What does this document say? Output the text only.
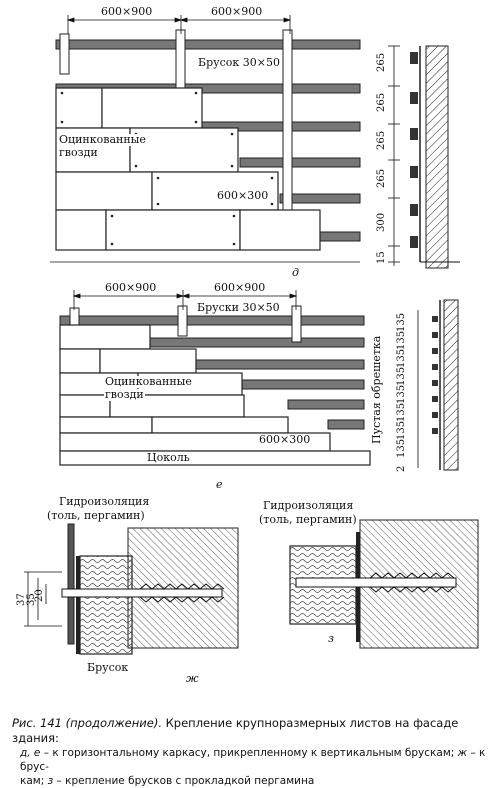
600×900	600×900
Брусок 30×50
Оцинкованные
гвозди
600×300
265
265
265
265
300
15
д
600×900	600×900
Бруски 30×50
Оцинкованные
гвозди
600×300
Цоколь
Пустая обрешетка
135
135
135
135
135
135
135
135
2
е
Гидроизоляция
(толь, пергамин)
37 35
20
Брусок
ж
Гидроизоляция
(толь, пергамин)
з
Рис. 141 (продолжение). Крепление крупноразмерных листов на фасаде здания:
д, е – к горизонтальному каркасу, прикрепленному к вертикальным брускам; ж – к брус-
кам; з – крепление брусков с прокладкой пергамина
